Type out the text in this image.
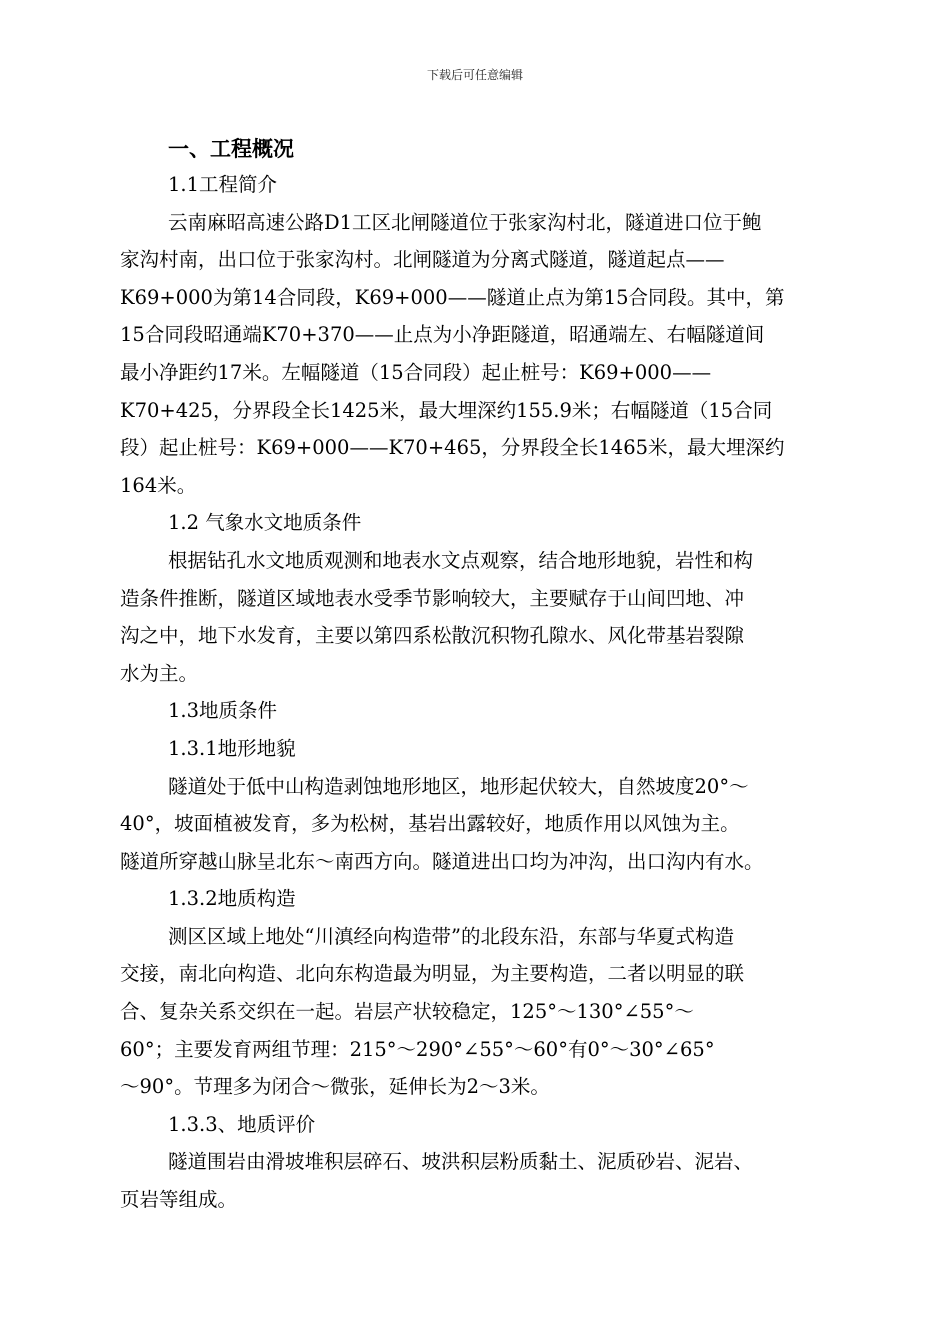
下载后可任意编辑
一、工程概况
1.1工程简介
云南麻昭高速公路D1工区北闸隧道位于张家沟村北，隧道进口位于鲍
家沟村南，出口位于张家沟村。北闸隧道为分离式隧道，隧道起点——
K69+000为第14合同段，K69+000——隧道止点为第15合同段。其中，第
15合同段昭通端K70+370——止点为小净距隧道，昭通端左、右幅隧道间
最小净距约17米。左幅隧道（15合同段）起止桩号：K69+000——
K70+425，分界段全长1425米，最大埋深约155.9米；右幅隧道（15合同
段）起止桩号：K69+000——K70+465，分界段全长1465米，最大埋深约
164米。
1.2 气象水文地质条件
根据钻孔水文地质观测和地表水文点观察，结合地形地貌，岩性和构
造条件推断，隧道区域地表水受季节影响较大，主要赋存于山间凹地、冲
沟之中，地下水发育，主要以第四系松散沉积物孔隙水、风化带基岩裂隙
水为主。
1.3地质条件
1.3.1地形地貌
隧道处于低中山构造剥蚀地形地区，地形起伏较大，自然坡度20°～
40°，坡面植被发育，多为松树，基岩出露较好，地质作用以风蚀为主。
隧道所穿越山脉呈北东～南西方向。隧道进出口均为冲沟，出口沟内有水。
1.3.2地质构造
测区区域上地处“川滇经向构造带”的北段东沿，东部与华夏式构造
交接，南北向构造、北向东构造最为明显，为主要构造，二者以明显的联
合、复杂关系交织在一起。岩层产状较稳定，125°～130°∠55°～
60°；主要发育两组节理：215°～290°∠55°～60°有0°～30°∠65°
～90°。节理多为闭合～微张，延伸长为2～3米。
1.3.3、地质评价
隧道围岩由滑坡堆积层碎石、坡洪积层粉质黏土、泥质砂岩、泥岩、
页岩等组成。
